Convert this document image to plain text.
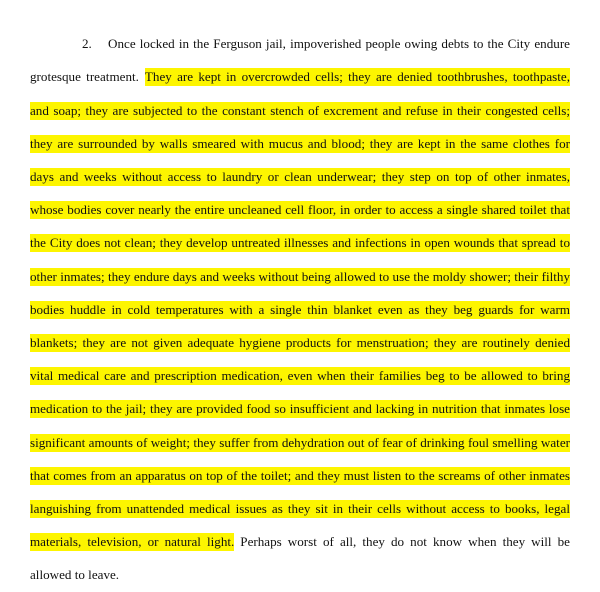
2. Once locked in the Ferguson jail, impoverished people owing debts to the City endure grotesque treatment. They are kept in overcrowded cells; they are denied toothbrushes, toothpaste, and soap; they are subjected to the constant stench of excrement and refuse in their congested cells; they are surrounded by walls smeared with mucus and blood; they are kept in the same clothes for days and weeks without access to laundry or clean underwear; they step on top of other inmates, whose bodies cover nearly the entire uncleaned cell floor, in order to access a single shared toilet that the City does not clean; they develop untreated illnesses and infections in open wounds that spread to other inmates; they endure days and weeks without being allowed to use the moldy shower; their filthy bodies huddle in cold temperatures with a single thin blanket even as they beg guards for warm blankets; they are not given adequate hygiene products for menstruation; they are routinely denied vital medical care and prescription medication, even when their families beg to be allowed to bring medication to the jail; they are provided food so insufficient and lacking in nutrition that inmates lose significant amounts of weight; they suffer from dehydration out of fear of drinking foul smelling water that comes from an apparatus on top of the toilet; and they must listen to the screams of other inmates languishing from unattended medical issues as they sit in their cells without access to books, legal materials, television, or natural light. Perhaps worst of all, they do not know when they will be allowed to leave.
